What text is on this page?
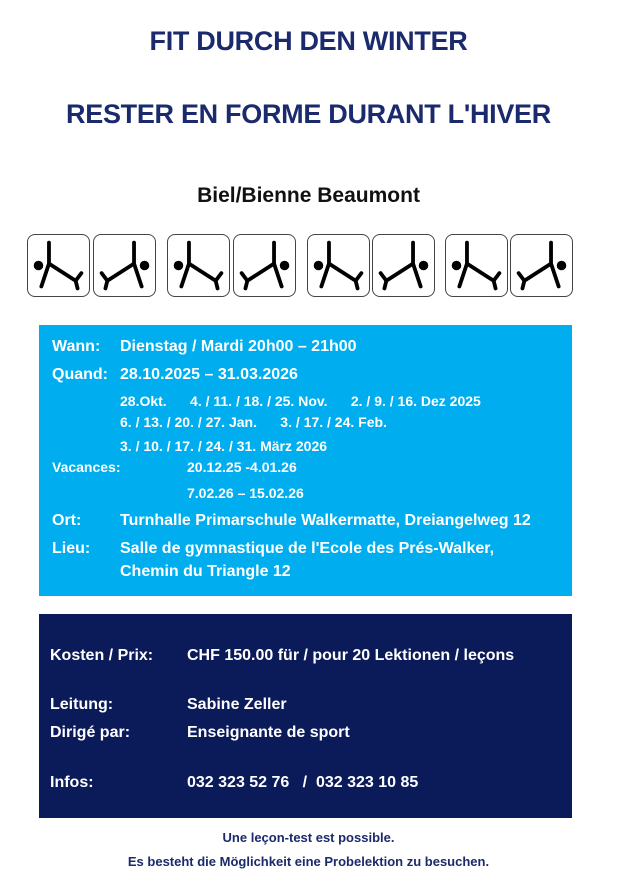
FIT DURCH DEN WINTER
RESTER EN FORME DURANT L'HIVER
Biel/Bienne Beaumont
Wann: Dienstag / Mardi 20h00 – 21h00
Quand: 28.10.2025 – 31.03.2026
28.Okt.      4. / 11. / 18. / 25. Nov.      2. / 9. / 16. Dez 2025
6. / 13. / 20. / 27. Jan.      3. / 17. / 24. Feb.
3. / 10. / 17. / 24. / 31. März 2026
Vacances:	20.12.25 -4.01.26
7.02.26 – 15.02.26
Ort: Turnhalle Primarschule Walkermatte, Dreiangelweg 12
Lieu: Salle de gymnastique de l'Ecole des Prés-Walker,
Chemin du Triangle 12
Kosten / Prix: CHF 150.00 für / pour 20 Lektionen / leçons
Leitung:	Sabine Zeller
Dirigé par:	Enseignante de sport
Infos:	032 323 52 76   /  032 323 10 85
Une leçon-test est possible.
Es besteht die Möglichkeit eine Probelektion zu besuchen.
